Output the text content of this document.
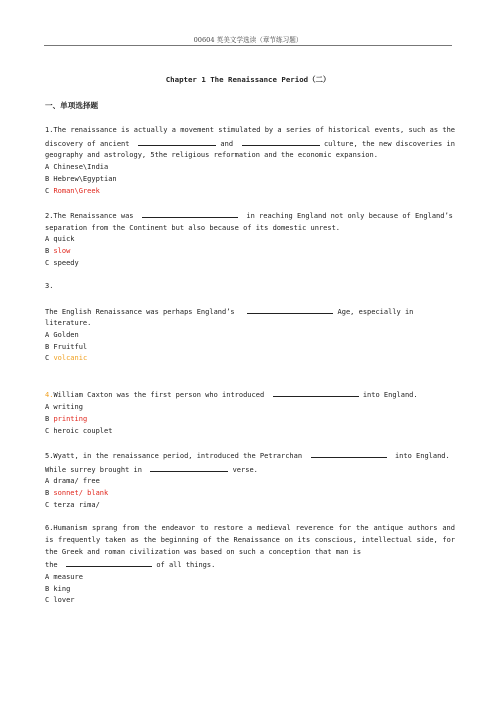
00604 英美文学选读（章节练习题）
Chapter 1 The Renaissance Period（二）
一、单项选择题

1.The renaissance is actually a movement stimulated by a series of historical events, such as the discovery of ancient	and	culture, the new discoveries in geography and astrology, 5the religious reformation and the economic expansion.

A Chinese\India

B Hebrew\Egyptian

C Roman\Greek

2.The Renaissance was	in reaching England not only because of England’s separation from the Continent but also because of its domestic unrest.

A quick

B slow

C speedy

3.

The English Renaissance was perhaps England’s	Age, especially in literature.

A Golden

B Fruitful

C volcanic

4.William Caxton was the first person who introduced	into England.

A writing

B printing

C heroic couplet

5.Wyatt, in the renaissance period, introduced the Petrarchan	into England.

While surrey brought in	verse.

A drama/ free

B sonnet/ blank

C terza rima/

6.Humanism sprang from the endeavor to restore a medieval reverence for the antique authors and is frequently taken as the beginning of the Renaissance on its conscious, intellectual side, for the Greek and roman civilization was based on such a conception that man is

the	of all things.

A measure

B king

C lover
